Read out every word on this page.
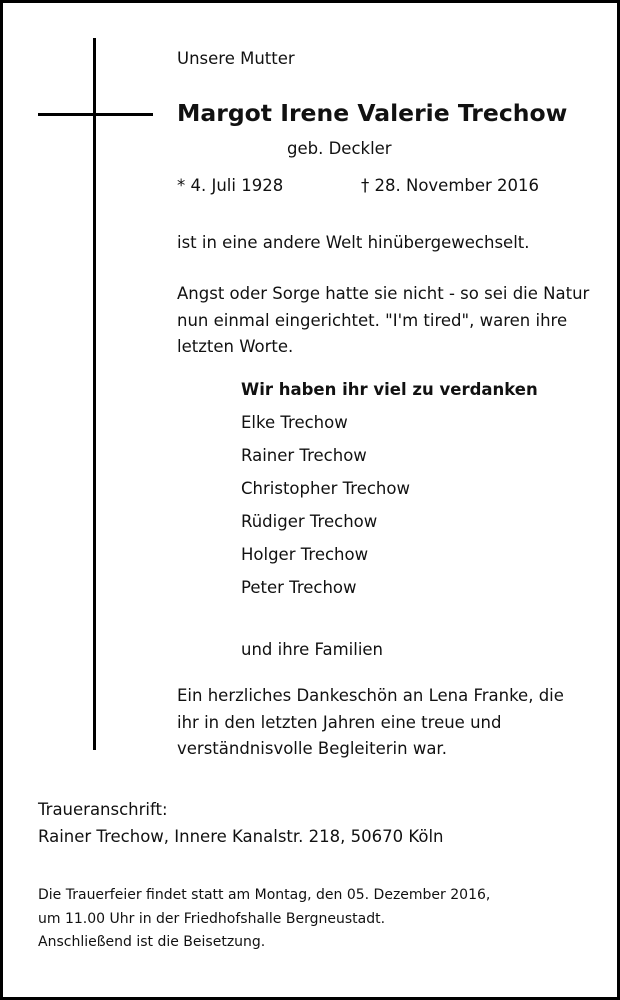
Unsere Mutter
Margot Irene Valerie Trechow
geb. Deckler
* 4. Juli 1928	† 28. November 2016
ist in eine andere Welt hinübergewechselt.
Angst oder Sorge hatte sie nicht - so sei die Natur
nun einmal eingerichtet. "I'm tired", waren ihre
letzten Worte.
Wir haben ihr viel zu verdanken
Elke Trechow
Rainer Trechow
Christopher Trechow
Rüdiger Trechow
Holger Trechow
Peter Trechow
und ihre Familien
Ein herzliches Dankeschön an Lena Franke, die
ihr in den letzten Jahren eine treue und
verständnisvolle Begleiterin war.
Traueranschrift:
Rainer Trechow, Innere Kanalstr. 218, 50670 Köln
Die Trauerfeier findet statt am Montag, den 05. Dezember 2016,
um 11.00 Uhr in der Friedhofshalle Bergneustadt.
Anschließend ist die Beisetzung.
